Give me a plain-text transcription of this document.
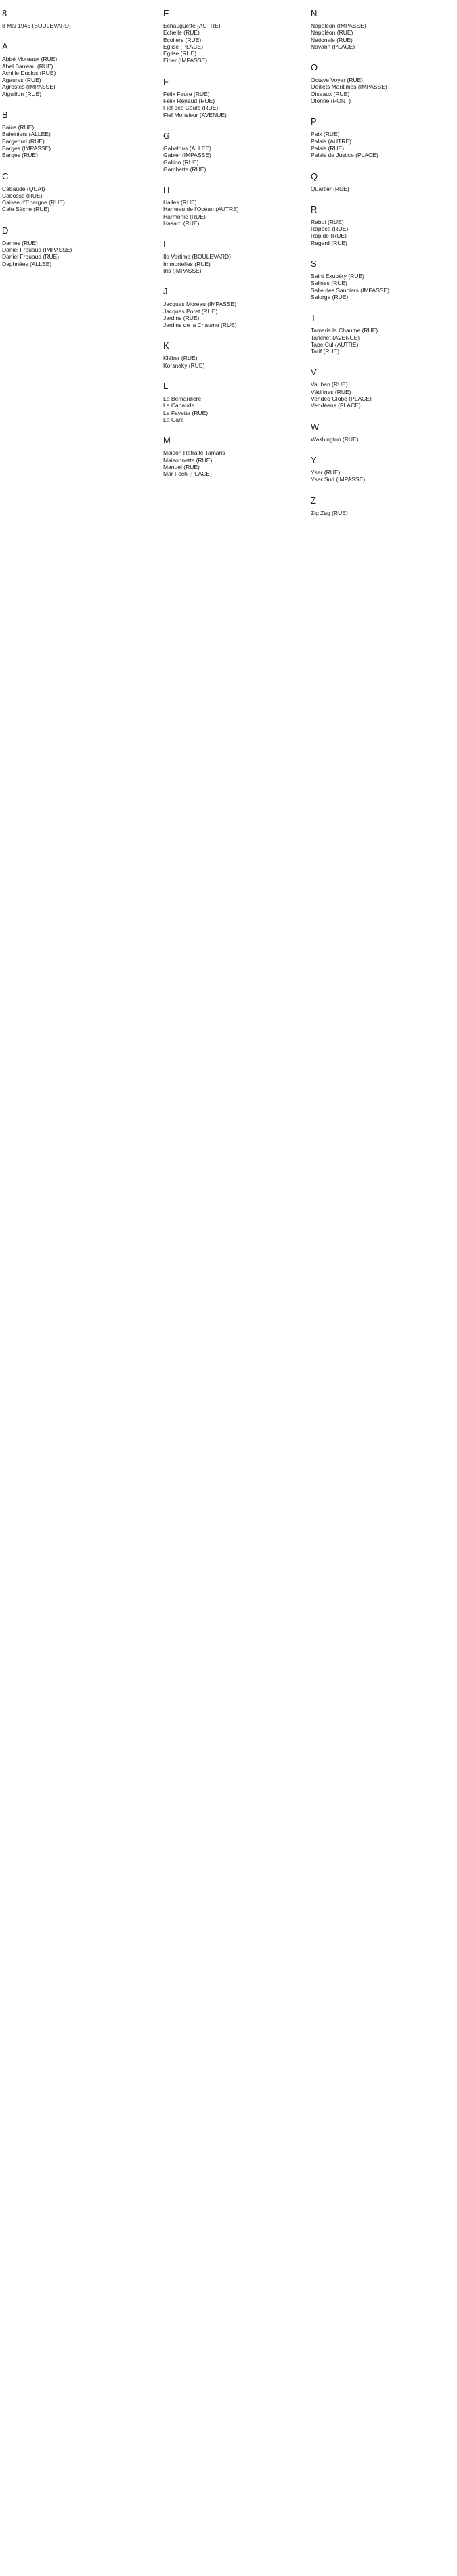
8
8 Mai 1945 (BOULEVARD)
A
Abbé Moreaux (RUE)
Abel Barreau (RUE)
Achille Duclos (RUE)
Agaures (RUE)
Agrestes (IMPASSE)
Aiguillon (RUE)
B
Bains (RUE)
Baleiniers (ALLEE)
Bargeouri (RUE)
Barges (IMPASSE)
Barges (RUE)
C
Cabaude (QUAI)
Cabosse (RUE)
Caisse d'Epargne (RUE)
Cale Sèche (RUE)
D
Dames (RUE)
Daniel Frouaud (IMPASSE)
Daniel Frouaud (RUE)
Daphnées (ALLEE)
E
Echauguette (AUTRE)
Echelle (RUE)
Ecoliers (RUE)
Eglise (PLACE)
Eglise (RUE)
Eider (IMPASSE)
F
Félix Faure (RUE)
Félix Renaud (RUE)
Fief des Cours (RUE)
Fief Monsieur (AVENUE)
G
Gabelous (ALLEE)
Gabier (IMPASSE)
Gallion (RUE)
Gambetta (RUE)
H
Halles (RUE)
Hameau de l'Océan (AUTRE)
Harmonie (RUE)
Hasard (RUE)
I
Ile Vertime (BOULEVARD)
Immortelles (RUE)
Iris (IMPASSE)
J
Jacques Moreau (IMPASSE)
Jacques Poret (RUE)
Jardins (RUE)
Jardins de la Chaume (RUE)
K
Kléber (RUE)
Korsnaky (RUE)
L
La Bernardière
La Cabaude
La Fayette (RUE)
La Gare
M
Maison Retraite Tamaris
Maisonnette (RUE)
Manuel (RUE)
Mar Foch (PLACE)
N
Napoléon (IMPASSE)
Napoléon (RUE)
Nationale (RUE)
Navarin (PLACE)
O
Octave Voyer (RUE)
Oeillets Maritimes (IMPASSE)
Oiseaux (RUE)
Olonne (PONT)
P
Paix (RUE)
Palais (AUTRE)
Palais (RUE)
Palais de Justice (PLACE)
Q
Quartier (RUE)
R
Rabot (RUE)
Rapece (RUE)
Rapide (RUE)
Regard (RUE)
S
Saint Exupéry (RUE)
Salines (RUE)
Salle des Sauniers (IMPASSE)
Salorge (RUE)
T
Tamaris la Chaume (RUE)
Tanchet (AVENUE)
Tape Cul (AUTRE)
Tarif (RUE)
V
Vauban (RUE)
Védrines (RUE)
Vendée Globe (PLACE)
Vendéens (PLACE)
W
Washington (RUE)
Y
Yser (RUE)
Yser Sud (IMPASSE)
Z
Zig Zag (RUE)
